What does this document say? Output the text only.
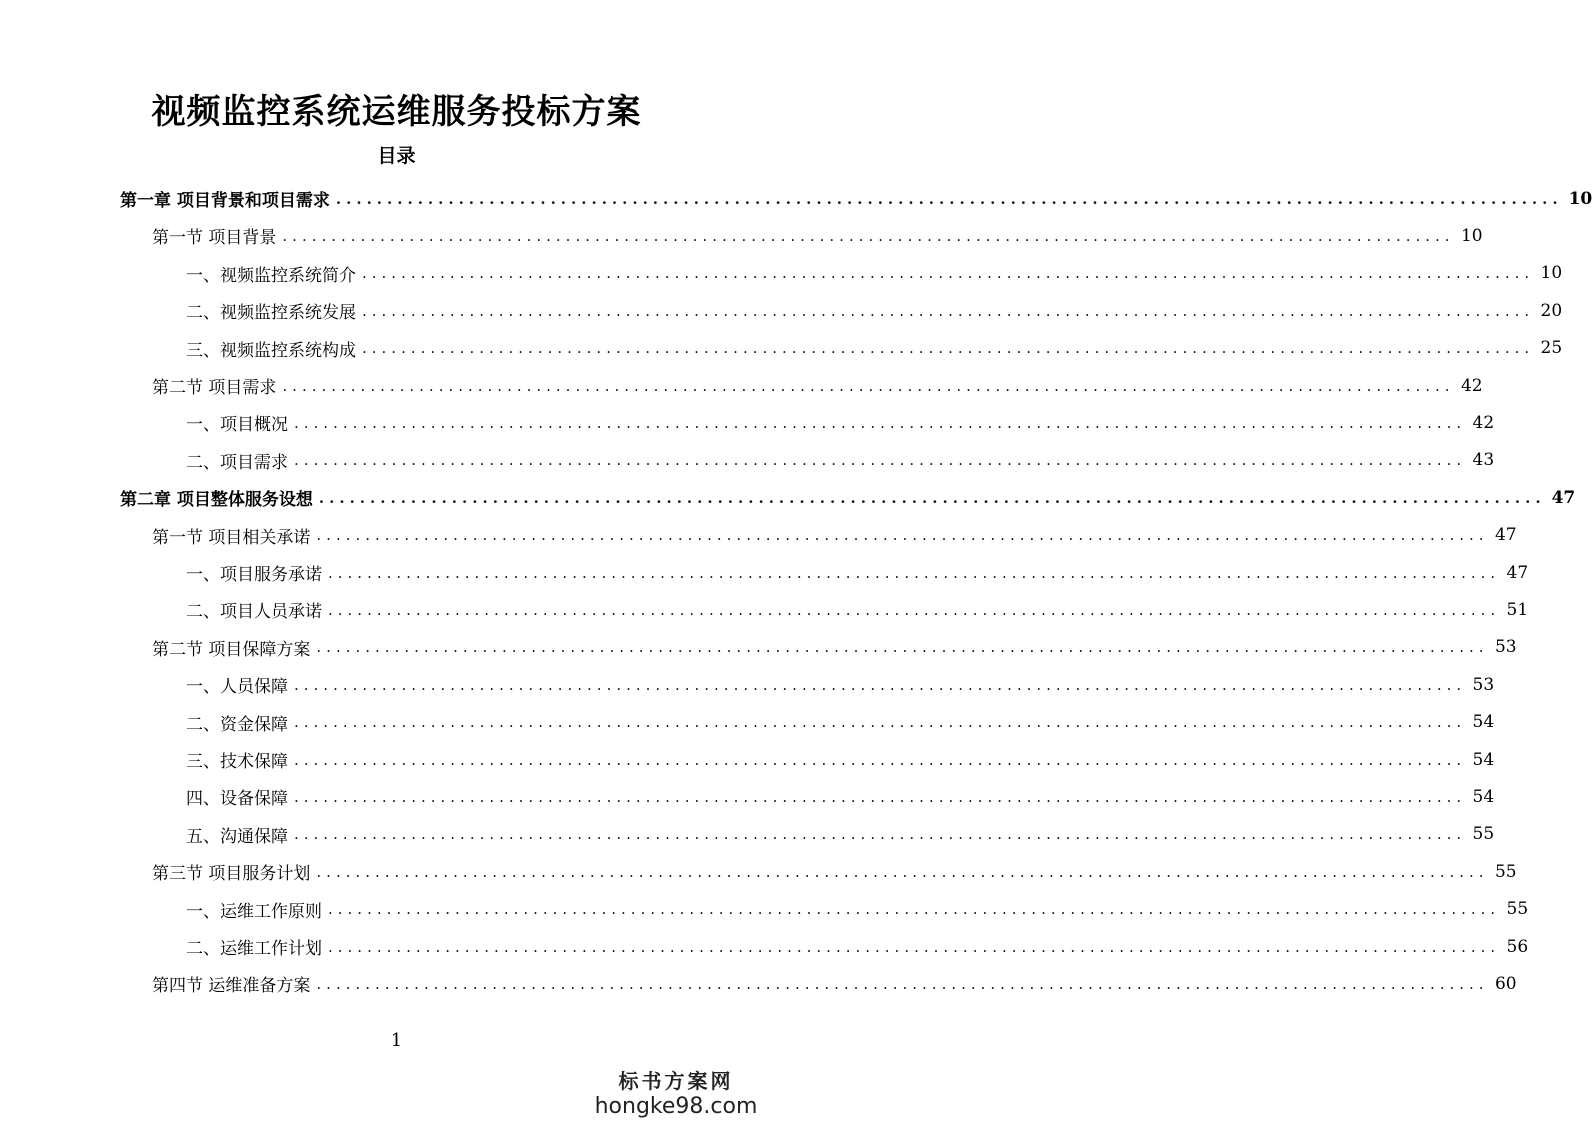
视频监控系统运维服务投标方案
目录
第一章 项目背景和项目需求 ........................................................................................................................ 10
第一节 项目背景 ........................................................................................................................ 10
一、视频监控系统简介 ........................................................................................................................ 10
二、视频监控系统发展 ........................................................................................................................ 20
三、视频监控系统构成 ........................................................................................................................ 25
第二节 项目需求 ........................................................................................................................ 42
一、项目概况 ........................................................................................................................ 42
二、项目需求 ........................................................................................................................ 43
第二章 项目整体服务设想 ........................................................................................................................ 47
第一节 项目相关承诺 ........................................................................................................................ 47
一、项目服务承诺 ........................................................................................................................ 47
二、项目人员承诺 ........................................................................................................................ 51
第二节 项目保障方案 ........................................................................................................................ 53
一、人员保障 ........................................................................................................................ 53
二、资金保障 ........................................................................................................................ 54
三、技术保障 ........................................................................................................................ 54
四、设备保障 ........................................................................................................................ 54
五、沟通保障 ........................................................................................................................ 55
第三节 项目服务计划 ........................................................................................................................ 55
一、运维工作原则 ........................................................................................................................ 55
二、运维工作计划 ........................................................................................................................ 56
第四节 运维准备方案 ........................................................................................................................ 60
1
标书方案网
hongke98.com
